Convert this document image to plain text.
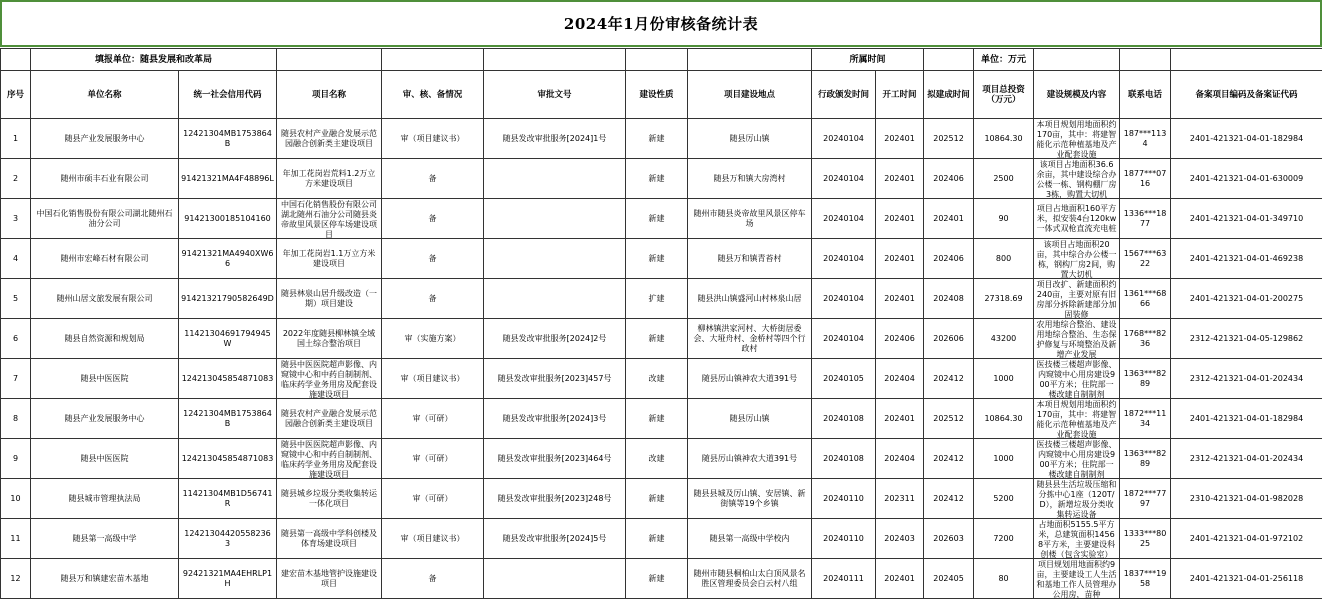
2024年1月份审核备统计表
	填报单位：随县发展和改革局							所属时间			单位：万元			
序号	单位名称	统一社会信用代码	项目名称	审、核、备情况	审批文号	建设性质	项目建设地点	行政颁发时间	开工时间	拟建成时间	项目总投资（万元）	建设规模及内容	联系电话	备案项目编码及备案证代码

1	随县产业发展服务中心	12421304MB1753864B	随县农村产业融合发展示范园融合创新类主建设项目	审（项目建议书）	随县发改审批服务[2024]1号	新建	随县厉山镇	20240104	202401	202512	10864.30	本项目规划用地面积约170亩，其中：将建智能化示范种植基地及产业配套设施	187***1134	2401-421321-04-01-182984

2	随州市硕丰石业有限公司	91421321MA4F48896L	年加工花岗岩荒料1.2万立方米建设项目	备		新建	随县万和镇大房湾村	20240104	202401	202406	2500	该项目占地面积36.6余亩，其中建设综合办公楼一栋、钢构棚厂房3栋，购置大切机	1877***0716	2401-421321-04-01-630009

3	中国石化销售股份有限公司湖北随州石油分公司	91421300185104160	中国石化销售股份有限公司湖北随州石油分公司随县炎帝故里风景区停车场建设项目	备		新建	随州市随县炎帝故里风景区停车场	20240104	202401	202401	90	项目占地面积160平方米，拟安装4台120kw一体式双枪直流充电桩	1336***1877	2401-421321-04-01-349710

4	随州市宏峰石材有限公司	91421321MA4940XW66	年加工花岗岩1.1万立方米建设项目	备		新建	随县万和镇青苔村	20240104	202401	202406	800	该项目占地面积20亩，其中综合办公楼一栋，钢构厂房2间，购置大切机	1567***6322	2401-421321-04-01-469238

5	随州山居文旅发展有限公司	91421321790582649D	随县林泉山居升级改造（一期）项目建设	备		扩建	随县洪山镇盛河山村林泉山居	20240104	202401	202408	27318.69	项目改扩、新建面积约240亩，主要对原有旧房部分拆除新建部分加固装修	1361***6866	2401-421321-04-01-200275

6	随县自然资源和规划局	11421304691794945W	2022年度随县柳林镇全域国土综合整治项目	审（实施方案）	随县发改审批服务[2024]2号	新建	柳林镇洪家河村、大桥街居委会、大垭舟村、金桥村等四个行政村	20240104	202406	202606	43200	农用地综合整治、建设用地综合整治、生态保护修复与环境整治及新增产业发展	1768***8236	2312-421321-04-05-129862

7	随县中医医院	124213045854871083	随县中医医院超声影像、内窥镜中心和中药自制制剂、临床药学业务用房及配套设施建设项目	审（项目建议书）	随县发改审批服务[2023]457号	改建	随县厉山镇神农大道391号	20240105	202404	202412	1000	医技楼三楼超声影像、内窥镜中心用房建设900平方米；住院部一楼改建自制制剂	1363***8289	2312-421321-04-01-202434

8	随县产业发展服务中心	12421304MB1753864B	随县农村产业融合发展示范园融合创新类主建设项目	审（可研）	随县发改审批服务[2024]3号	新建	随县厉山镇	20240108	202401	202512	10864.30	本项目规划用地面积约170亩，其中：将建智能化示范种植基地及产业配套设施	1872***1134	2401-421321-04-01-182984

9	随县中医医院	124213045854871083	随县中医医院超声影像、内窥镜中心和中药自制制剂、临床药学业务用房及配套设施建设项目	审（可研）	随县发改审批服务[2023]464号	改建	随县厉山镇神农大道391号	20240108	202404	202412	1000	医技楼三楼超声影像、内窥镜中心用房建设900平方米；住院部一楼改建自制制剂	1363***8289	2312-421321-04-01-202434

10	随县城市管理执法局	11421304MB1D56741R	随县城乡垃圾分类收集转运一体化项目	审（可研）	随县发改审批服务[2023]248号	新建	随县县城及厉山镇、安居镇、新街镇等19个乡镇	20240110	202311	202412	5200	随县县生活垃圾压缩和分拣中心1座（120T/D），新增垃圾分类收集转运设备	1872***7797	2310-421321-04-01-982028

11	随县第一高级中学	12421304420558236 3	随县第一高级中学科创楼及体育场建设项目	审（项目建议书）	随县发改审批服务[2024]5号	新建	随县第一高级中学校内	20240110	202403	202603	7200	占地面积5155.5平方米，总建筑面积14568平方米，主要建设科创楼（包含实验室）	1333***8025	2401-421321-04-01-972102

12	随县万和镇建宏苗木基地	92421321MA4EHRLP1H	建宏苗木基地管护设施建设项目	备		新建	随州市随县桐柏山太白顶风景名胜区管理委员会白云村八组	20240111	202401	202405	80	项目规划用地面积约9亩，主要建设工人生活和基地工作人员管理办公用房，苗种	1837***1958	2401-421321-04-01-256118
